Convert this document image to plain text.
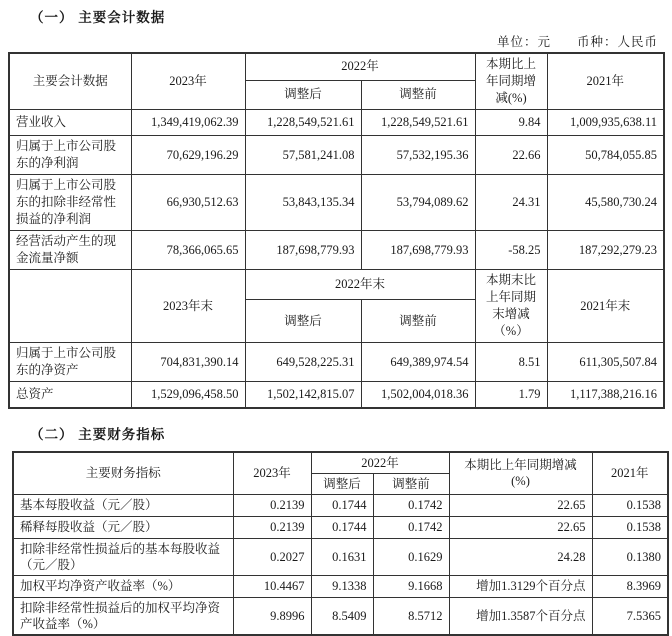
（一） 主要会计数据
单位：元 币种：人民币
主要会计数据	2023年	2022年		本期比上年同期增减(%)	2021年
		调整后	调整前		
营业收入	1,349,419,062.39	1,228,549,521.61	1,228,549,521.61	9.84	1,009,935,638.11
归属于上市公司股东的净利润	70,629,196.29	57,581,241.08	57,532,195.36	22.66	50,784,055.85
归属于上市公司股东的扣除非经常性损益的净利润	66,930,512.63	53,843,135.34	53,794,089.62	24.31	45,580,730.24
经营活动产生的现金流量净额	78,366,065.65	187,698,779.93	187,698,779.93	-58.25	187,292,279.23
	2023年末	2022年末		本期末比上年同期末增减（%）	2021年末
		调整后	调整前		
归属于上市公司股东的净资产	704,831,390.14	649,528,225.31	649,389,974.54	8.51	611,305,507.84
总资产	1,529,096,458.50	1,502,142,815.07	1,502,004,018.36	1.79	1,117,388,216.16
（二） 主要财务指标
主要财务指标	2023年	2022年		本期比上年同期增减(%)	2021年
		调整后	调整前		
基本每股收益（元／股）	0.2139	0.1744	0.1742	22.65	0.1538
稀释每股收益（元／股）	0.2139	0.1744	0.1742	22.65	0.1538
扣除非经常性损益后的基本每股收益（元／股）	0.2027	0.1631	0.1629	24.28	0.1380
加权平均净资产收益率（%）	10.4467	9.1338	9.1668	增加1.3129个百分点	8.3969
扣除非经常性损益后的加权平均净资产收益率（%）	9.8996	8.5409	8.5712	增加1.3587个百分点	7.5365
